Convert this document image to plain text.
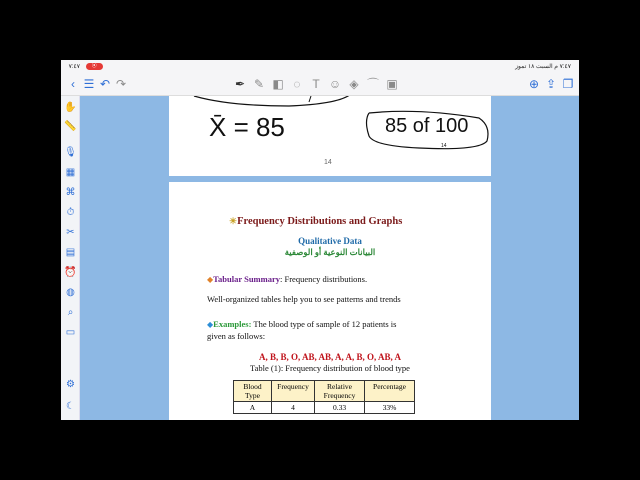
‎ ٧:٤٧ ‎	⦿	٧:٤٧ م السبت ١٨ تموز
‹ ☰ ↶ ↷	✒ ✎ ◧ ◌ T ☺ ◈ ⌒ ▣	⊕ ⇪ ❐
✋
📏
🎙
▦
⌘
⏱
✂
▤
⏰
◍
⌕
▭
⚙
☾
X̄ = 85	85 of 100
14
14
☀Frequency Distributions and Graphs
Qualitative Data
البيانات النوعية أو الوصفية
◆Tabular Summary: Frequency distributions.
Well-organized tables help you to see patterns and trends
◆Examples: The blood type of sample of 12 patients is
given as follows:
A, B, B, O, AB, AB, A, A, B, O, AB, A
Table (1): Frequency distribution of blood type
Blood Type	Frequency	Relative Frequency	Percentage
A	4	0.33	33%
